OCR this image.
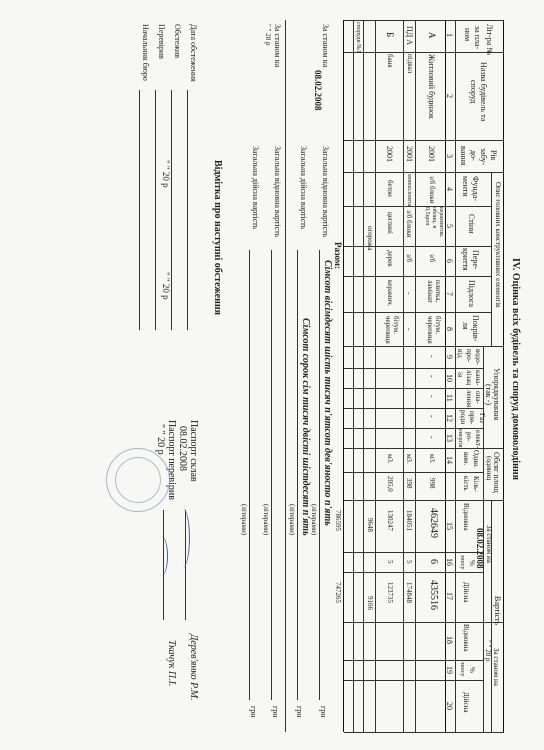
IV. Оцінка всіх будівель та споруд домоволодіння
Літ-ра №
за пла-
ном
Назва будівель та
споруд
Рік
забу-
до-
вання
Опис головних конструктивних елементів
Фунда-
менти
Стіни
Пере-
криття
Підлога
Покрів-
ля
Упорядкування
(так -)
водо-
про-
від
кана-
лізац
ія
опа-
лення
Газ
при-
родн
елект-
ро-
енергія
Обсяг площ
(одиниц
Один.
вим.
Кіль-
кість
Вартість
За станом на
08.02.2008
Відновна
%
зносу
Дійсна
За станом на
" " 20 р
Відновна
%
зносу
Дійсна
1
2
3
4
5
6
7
8
9
10
11
12
13
14
15
16
17
18
19
20
А
Житловий будинок
2001
з/б блоки
керамзитов. облиц. в 0,5цегл
з/б
плитка, ламінат
бітум. черепиця
-
-
-
-
-
м3.
998
462649
6
435516
ПД А
підвал
2001
монол.плита
з/б блоки
з/б
-
-
м3.
398
184051
5
174848
Б
баня
2001
бетон
цегляні
дерев
керамич.
бітум. черепиця
м3.
205,0
130247
5
123735
огорожа
9648
9166
споруди №1
Разом:
786595
747265
За станом на
08.02.2008
Загальна відновна вартість
Сімсот вісімдесят шість тисяч п'ятсот дев'яносто п'ять
(літерами)
грн
Загальна дійсна вартість
Сімсот сорок сім тисяч двісті шістдесят п'ять
(літерами)
грн
За станом на
" " 20 р
Загальна відновна вартість
(літерами)
грн
Загальна дійсна вартість
(літерами)
грн
Відмітка про наступні обстеження
Дата обстеження
Обстежив
Перевірив
Начальник бюро
" " 20 р
" " 20 р
Паспорт склав
08.02.2008
Паспорт перевірив
" " 20 р
Дерев'янко Р.М.
Ткачук П.І.
